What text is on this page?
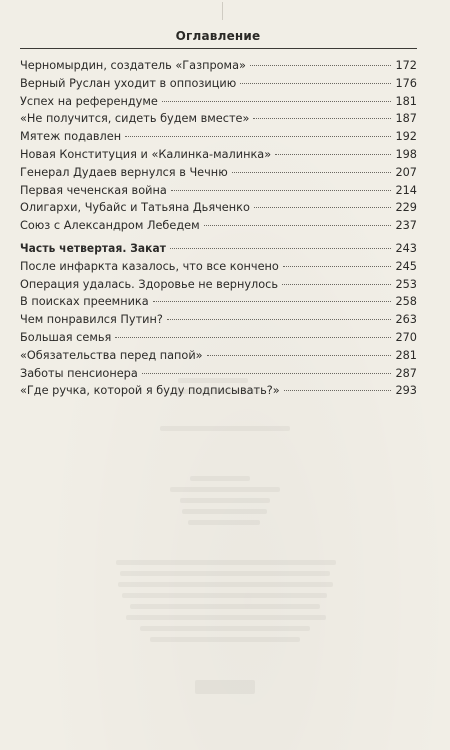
Оглавление
Черномырдин, создатель «Газпрома»	172
Верный Руслан уходит в оппозицию	176
Успех на референдуме	181
«Не получится, сидеть будем вместе»	187
Мятеж подавлен	192
Новая Конституция и «Калинка-малинка»	198
Генерал Дудаев вернулся в Чечню	207
Первая чеченская война	214
Олигархи, Чубайс и Татьяна Дьяченко	229
Союз с Александром Лебедем	237
Часть четвертая. Закат	243
После инфаркта казалось, что все кончено	245
Операция удалась. Здоровье не вернулось	253
В поисках преемника	258
Чем понравился Путин?	263
Большая семья	270
«Обязательства перед папой»	281
Заботы пенсионера	287
«Где ручка, которой я буду подписывать?»	293
